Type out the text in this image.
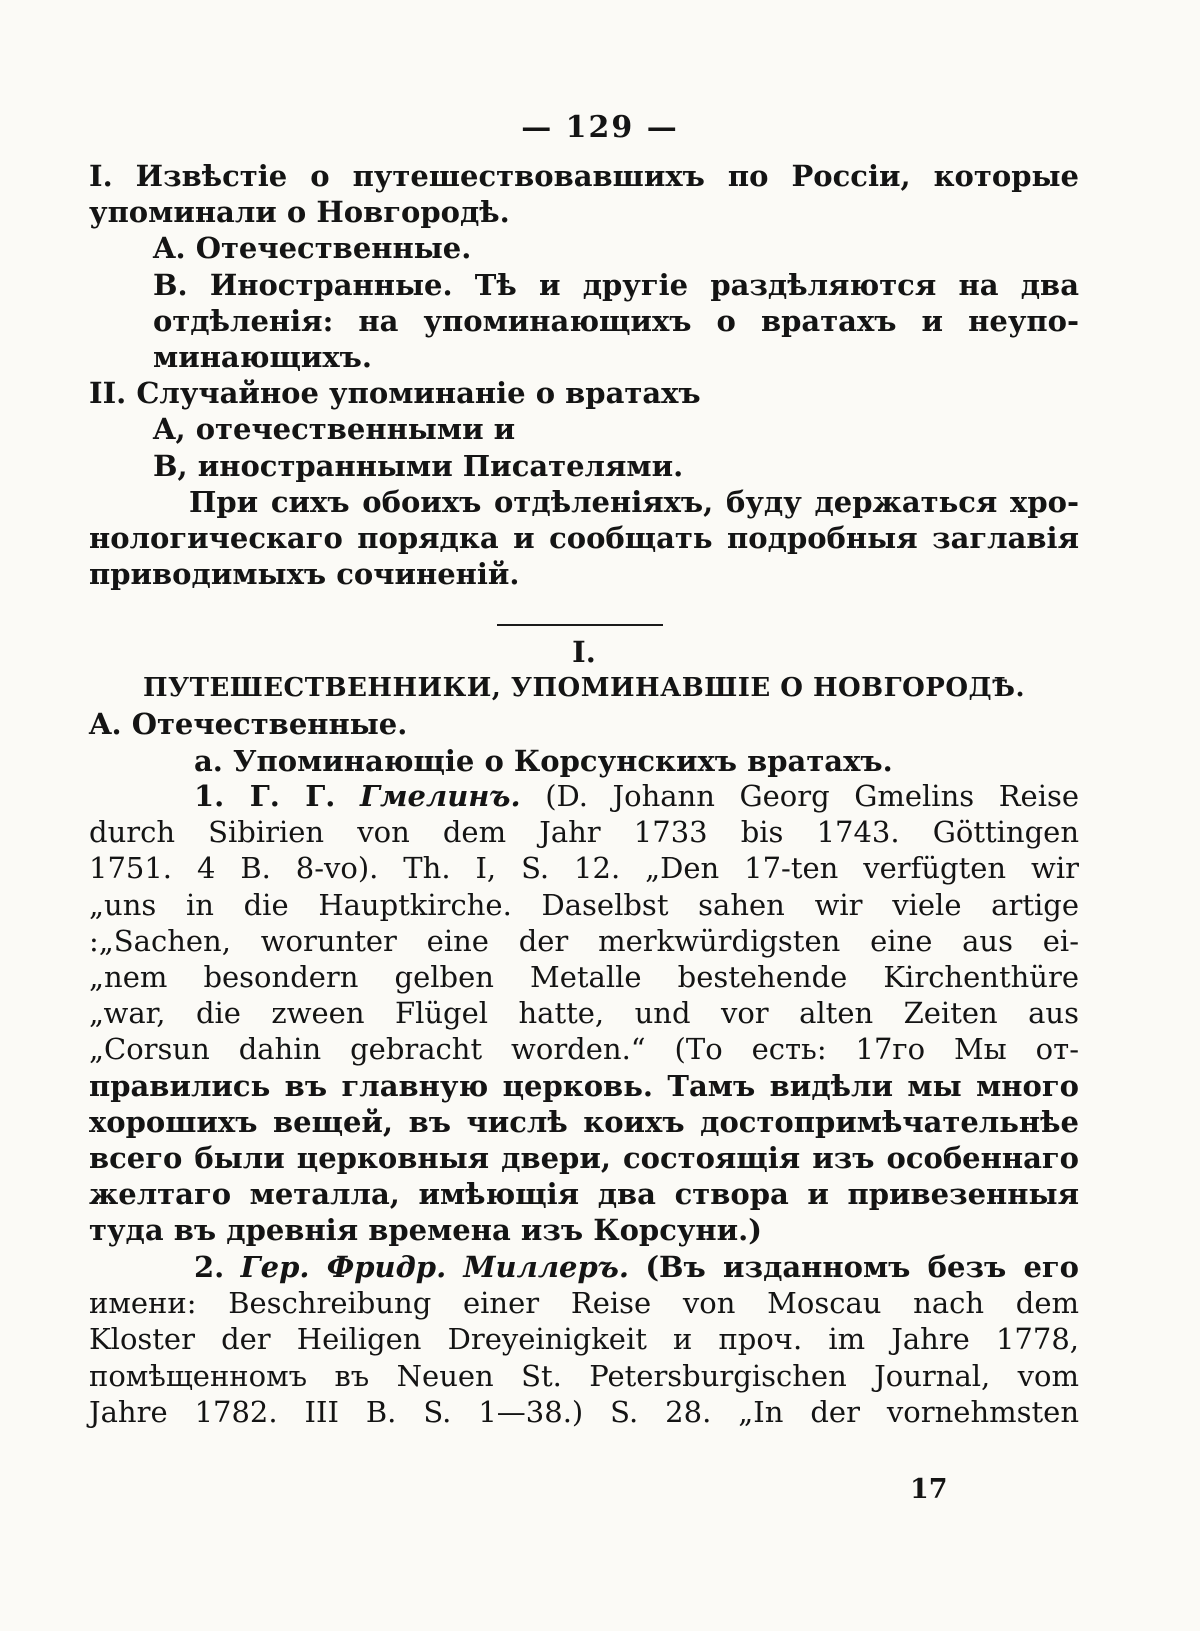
— 129 —
I. Извѣстіе о путешествовавшихъ по Россіи, которые
упоминали о Новгородѣ.
A. Отечественные.
B. Иностранные. Тѣ и другіе раздѣляются на два
отдѣленія: на упоминающихъ о вратахъ и неупо-
минающихъ.
II. Случайное упоминаніе о вратахъ
A, отечественными и
B, иностранными Писателями.
При сихъ обоихъ отдѣленіяхъ, буду держаться хро-
нологическаго порядка и сообщать подробныя заглавія
приводимыхъ сочиненій.
I.
ПУТЕШЕСТВЕННИКИ, УПОМИНАВШІЕ О НОВГОРОДѢ.
A. Отечественные.
а. Упоминающіе о Корсунскихъ вратахъ.
1. Г. Г. Гмелинъ. (D. Johann Georg Gmelins Reise
durch Sibirien von dem Jahr 1733 bis 1743. Göttingen
1751. 4 B. 8-vo). Th. I, S. 12. „Den 17-ten verfügten wir
„uns in die Hauptkirche. Daselbst sahen wir viele artige
:„Sachen, worunter eine der merkwürdigsten eine aus ei-
„nem besondern gelben Metalle bestehende Kirchenthüre
„war, die zween Flügel hatte, und vor alten Zeiten aus
„Corsun dahin gebracht worden.“ (То есть: 17го Мы от-
правились въ главную церковь. Тамъ видѣли мы много
хорошихъ вещей, въ числѣ коихъ достопримѣчательнѣе
всего были церковныя двери, состоящія изъ особеннаго
желтаго металла, имѣющія два створа и привезенныя
туда въ древнія времена изъ Корсуни.)
2. Гер. Фридр. Миллеръ. (Въ изданномъ безъ его
имени: Beschreibung einer Reise von Moscau nach dem
Kloster der Heiligen Dreyeinigkeit и проч. im Jahre 1778,
помѣщенномъ въ Neuen St. Petersburgischen Journal, vom
Jahre 1782. III B. S. 1—38.) S. 28. „In der vornehmsten
17
